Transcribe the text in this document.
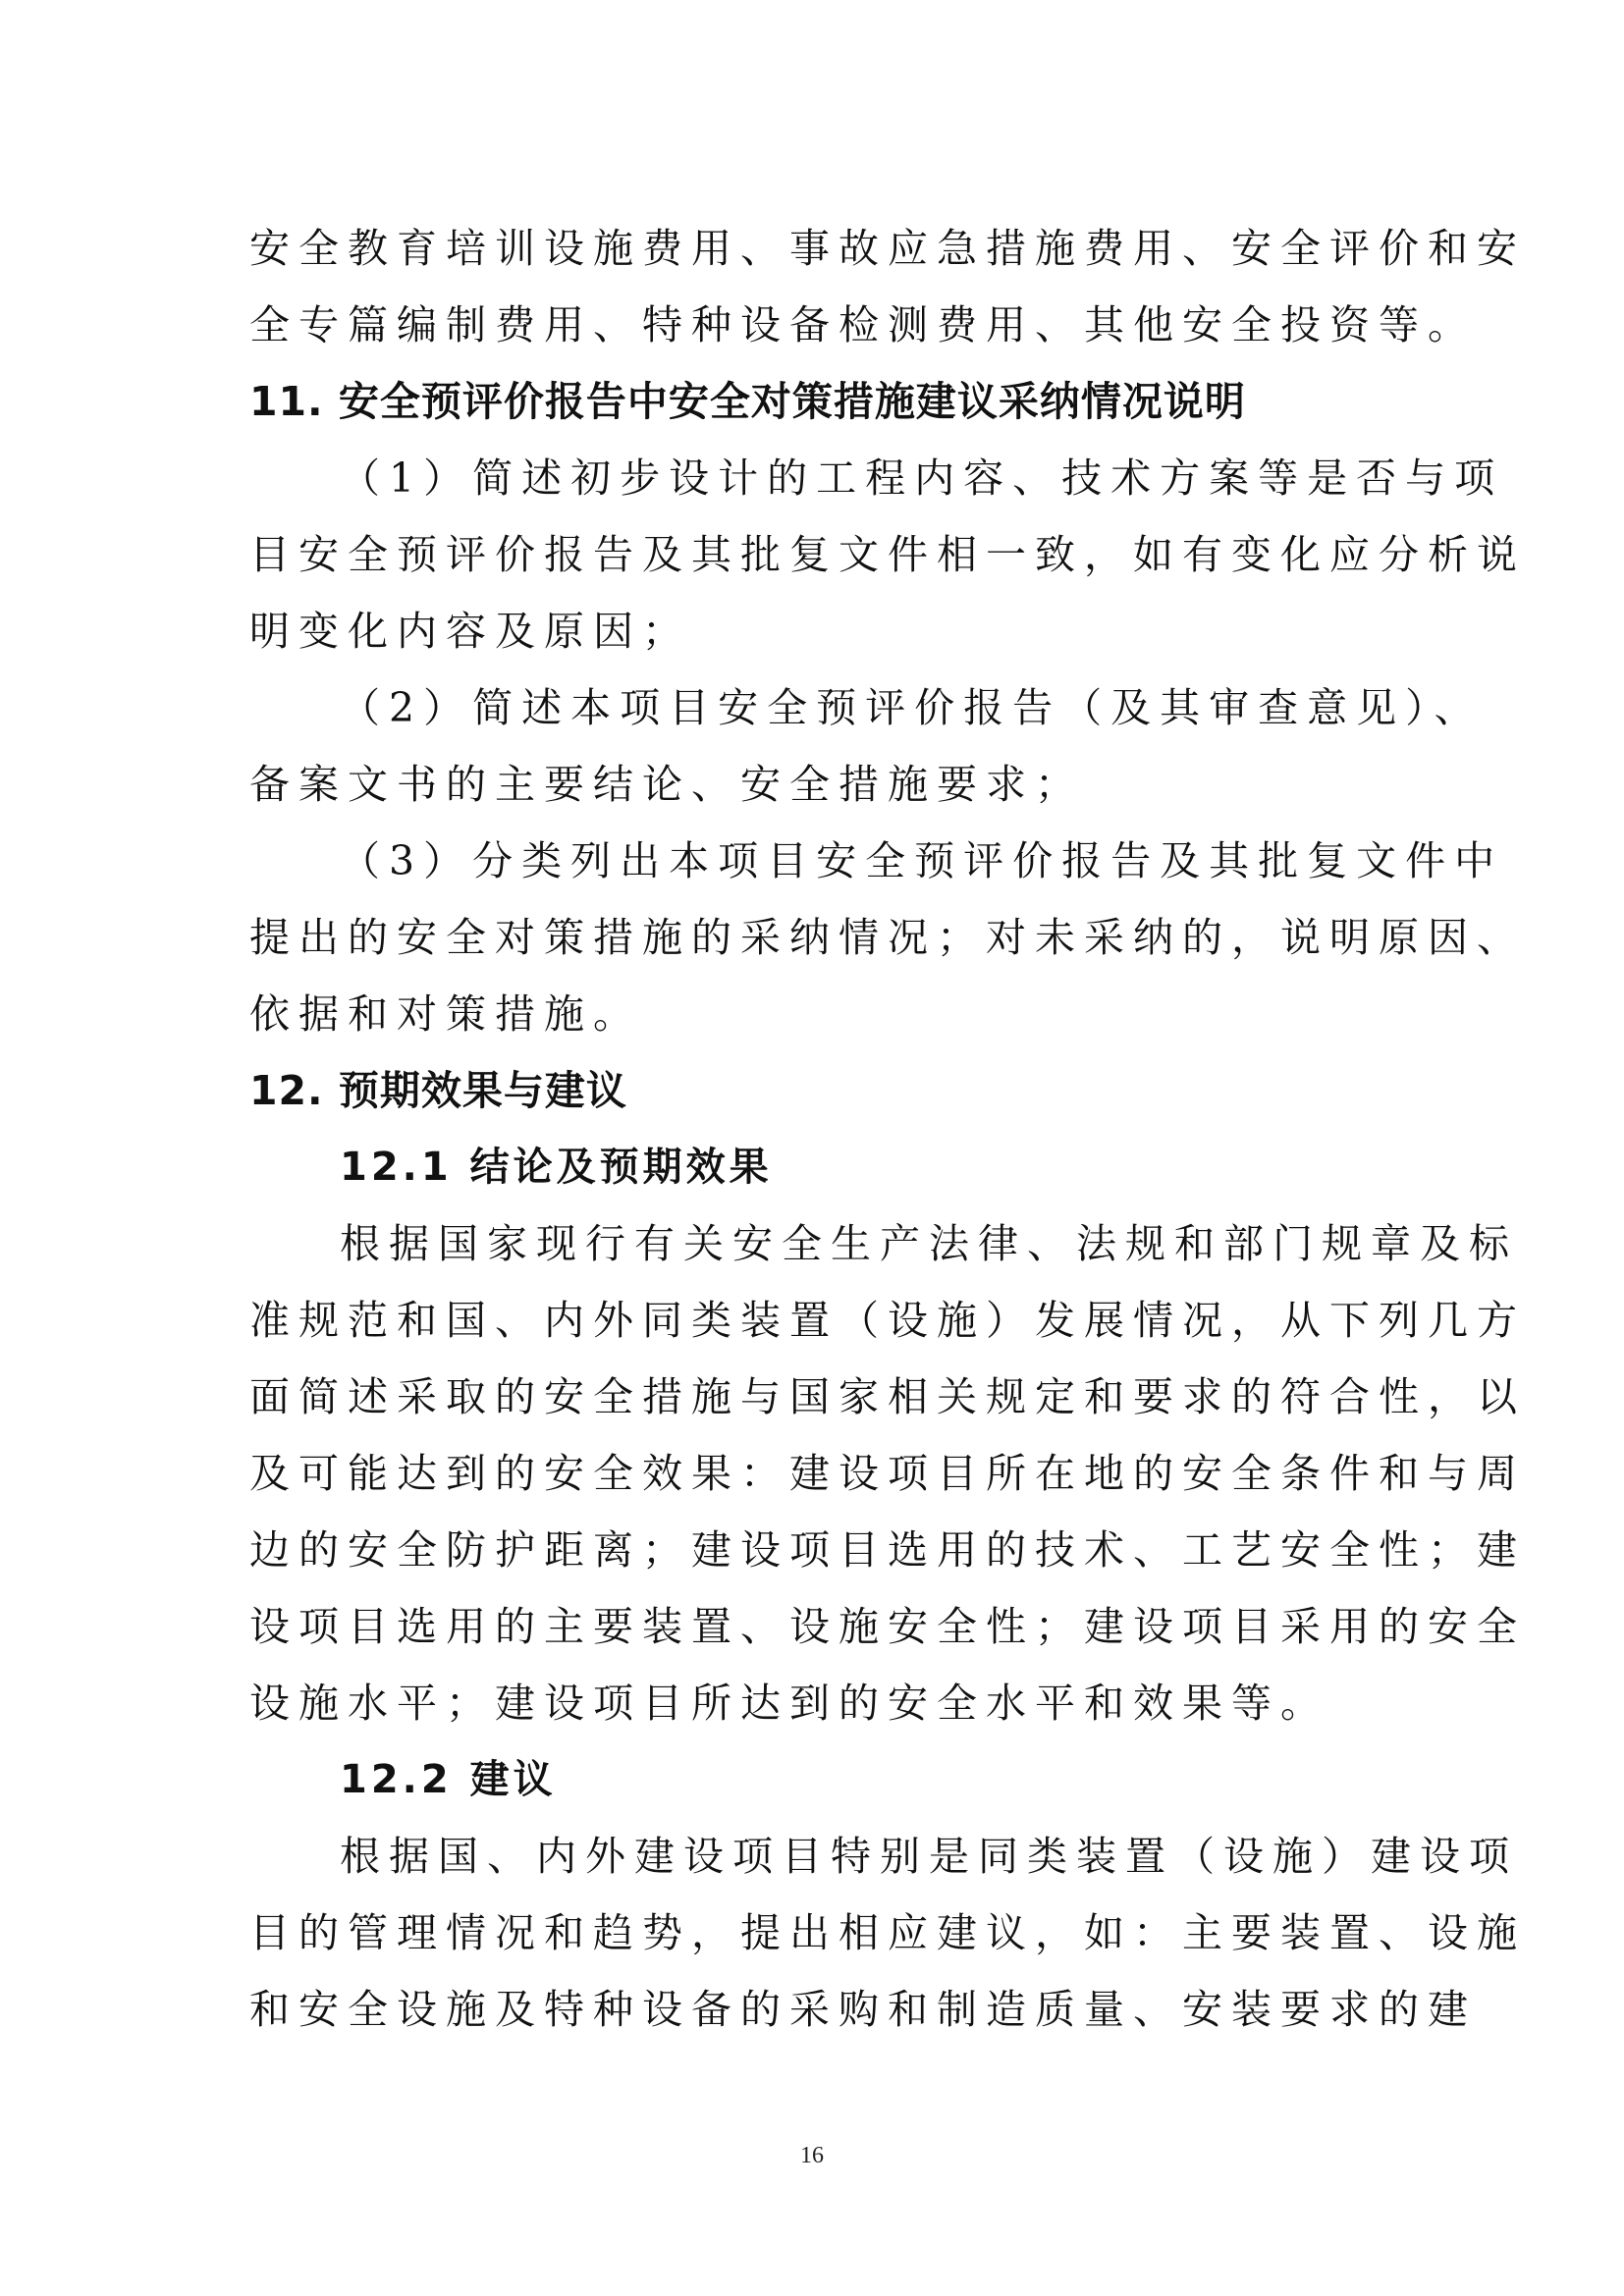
安全教育培训设施费用、事故应急措施费用、安全评价和安
全专篇编制费用、特种设备检测费用、其他安全投资等。
11. 安全预评价报告中安全对策措施建议采纳情况说明
（1）简述初步设计的工程内容、技术方案等是否与项
目安全预评价报告及其批复文件相一致，如有变化应分析说
明变化内容及原因；
（2）简述本项目安全预评价报告（及其审查意见）、
备案文书的主要结论、安全措施要求；
（3）分类列出本项目安全预评价报告及其批复文件中
提出的安全对策措施的采纳情况；对未采纳的，说明原因、
依据和对策措施。
12. 预期效果与建议
12.1 结论及预期效果
根据国家现行有关安全生产法律、法规和部门规章及标
准规范和国、内外同类装置（设施）发展情况，从下列几方
面简述采取的安全措施与国家相关规定和要求的符合性，以
及可能达到的安全效果：建设项目所在地的安全条件和与周
边的安全防护距离；建设项目选用的技术、工艺安全性；建
设项目选用的主要装置、设施安全性；建设项目采用的安全
设施水平；建设项目所达到的安全水平和效果等。
12.2 建议
根据国、内外建设项目特别是同类装置（设施）建设项
目的管理情况和趋势，提出相应建议，如：主要装置、设施
和安全设施及特种设备的采购和制造质量、安装要求的建
16
